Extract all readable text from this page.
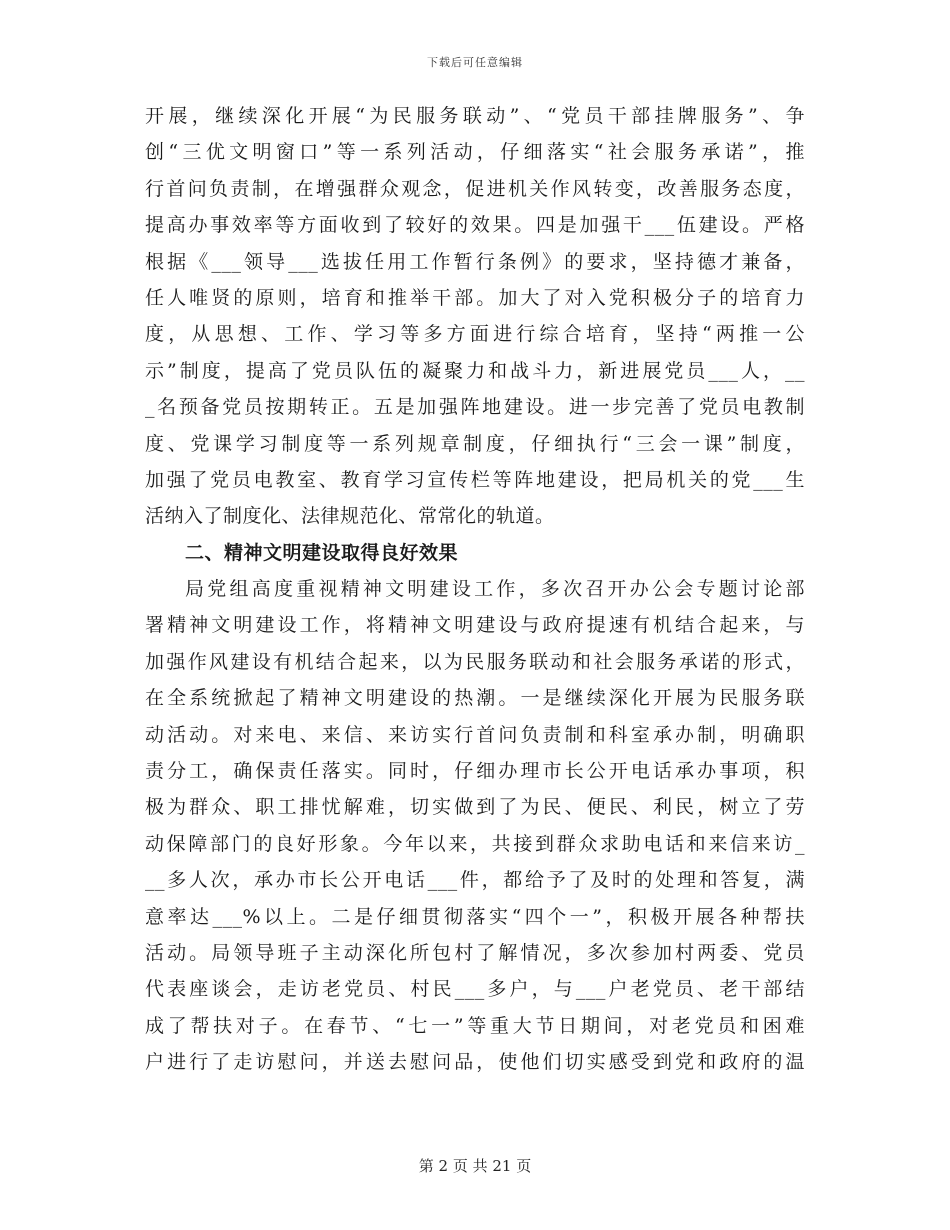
下载后可任意编辑
开展，继续深化开展“为民服务联动”、“党员干部挂牌服务”、争
创“三优文明窗口”等一系列活动，仔细落实“社会服务承诺”，推
行首问负责制，在增强群众观念，促进机关作风转变，改善服务态度，
提高办事效率等方面收到了较好的效果。四是加强干___伍建设。严格
根据《___领导___选拔任用工作暂行条例》的要求，坚持德才兼备，
任人唯贤的原则，培育和推举干部。加大了对入党积极分子的培育力
度，从思想、工作、学习等多方面进行综合培育，坚持“两推一公
示”制度，提高了党员队伍的凝聚力和战斗力，新进展党员___人，__
_名预备党员按期转正。五是加强阵地建设。进一步完善了党员电教制
度、党课学习制度等一系列规章制度，仔细执行“三会一课”制度，
加强了党员电教室、教育学习宣传栏等阵地建设，把局机关的党___生
活纳入了制度化、法律规范化、常常化的轨道。
二、精神文明建设取得良好效果
局党组高度重视精神文明建设工作，多次召开办公会专题讨论部
署精神文明建设工作，将精神文明建设与政府提速有机结合起来，与
加强作风建设有机结合起来，以为民服务联动和社会服务承诺的形式，
在全系统掀起了精神文明建设的热潮。一是继续深化开展为民服务联
动活动。对来电、来信、来访实行首问负责制和科室承办制，明确职
责分工，确保责任落实。同时，仔细办理市长公开电话承办事项，积
极为群众、职工排忧解难，切实做到了为民、便民、利民，树立了劳
动保障部门的良好形象。今年以来，共接到群众求助电话和来信来访_
__多人次，承办市长公开电话___件，都给予了及时的处理和答复，满
意率达___%以上。二是仔细贯彻落实“四个一”，积极开展各种帮扶
活动。局领导班子主动深化所包村了解情况，多次参加村两委、党员
代表座谈会，走访老党员、村民___多户，与___户老党员、老干部结
成了帮扶对子。在春节、“七一”等重大节日期间，对老党员和困难
户进行了走访慰问，并送去慰问品，使他们切实感受到党和政府的温
第 2 页 共 21 页
